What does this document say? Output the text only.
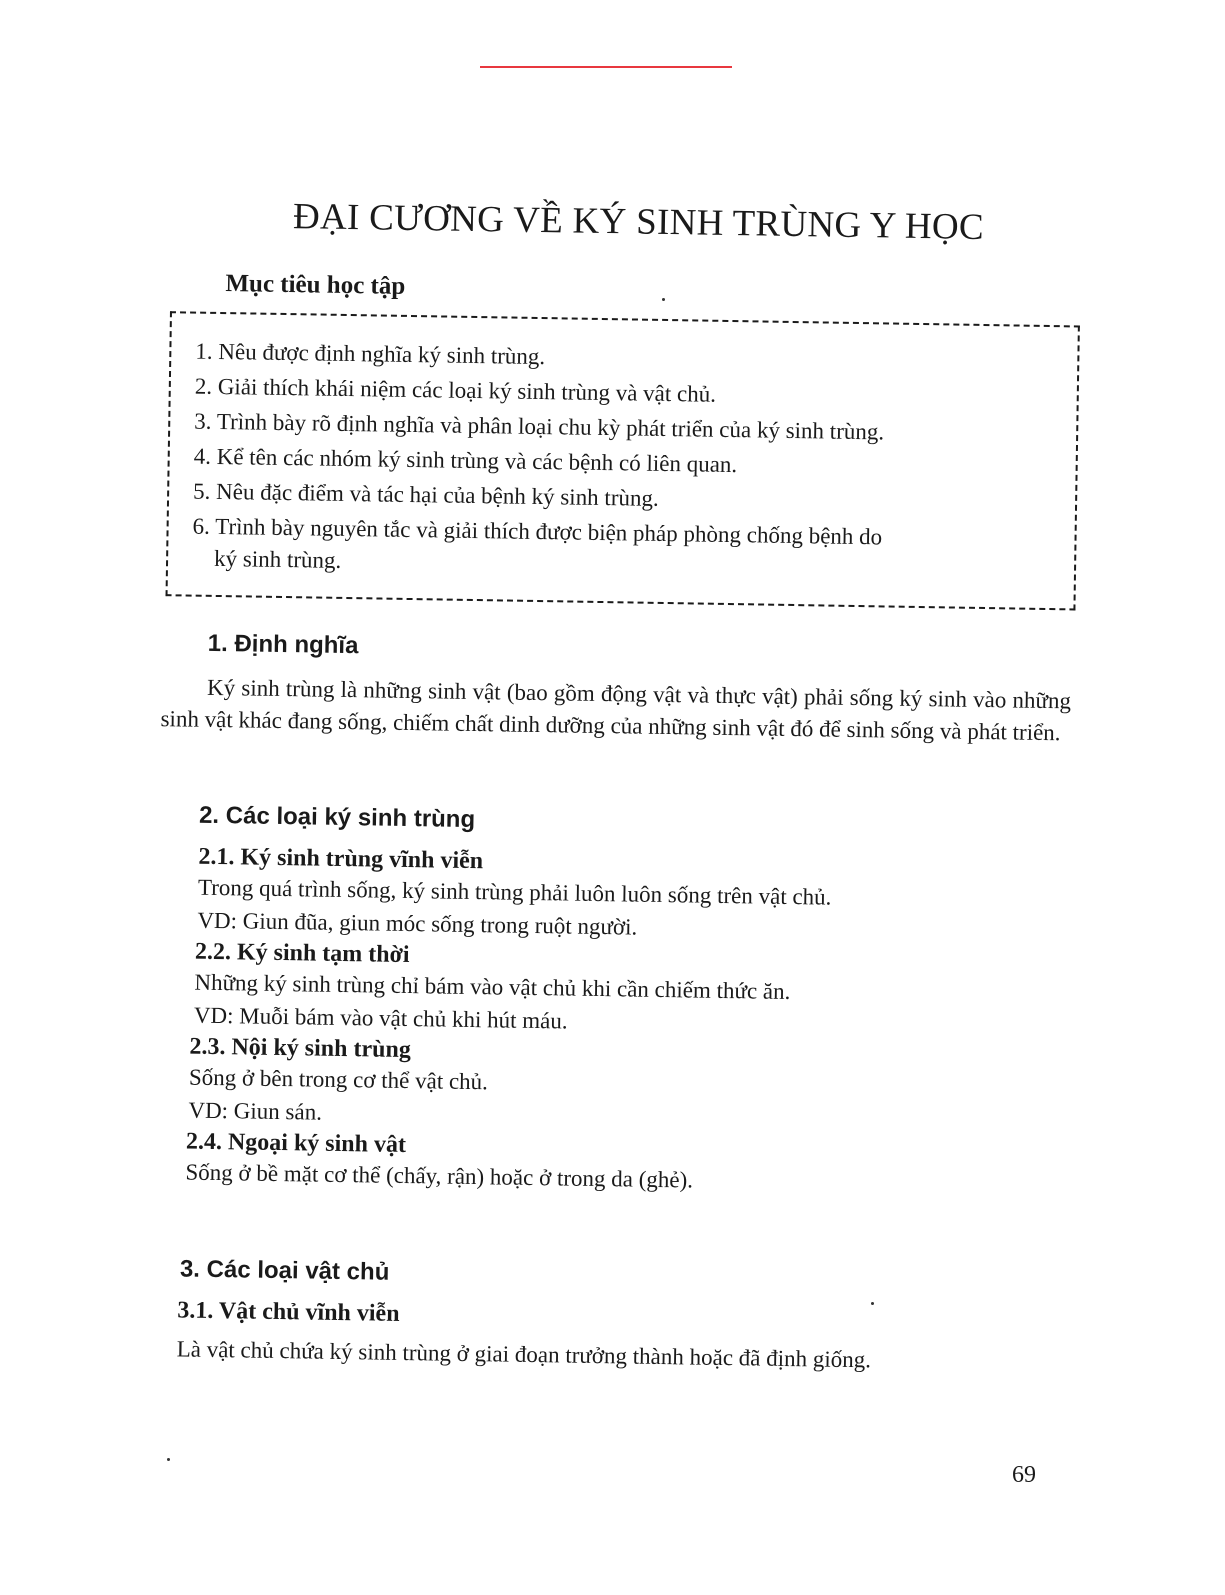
ĐẠI CƯƠNG VỀ KÝ SINH TRÙNG Y HỌC
Mục tiêu học tập
1. Nêu được định nghĩa ký sinh trùng.
2. Giải thích khái niệm các loại ký sinh trùng và vật chủ.
3. Trình bày rõ định nghĩa và phân loại chu kỳ phát triển của ký sinh trùng.
4. Kể tên các nhóm ký sinh trùng và các bệnh có liên quan.
5. Nêu đặc điểm và tác hại của bệnh ký sinh trùng.
6. Trình bày nguyên tắc và giải thích được biện pháp phòng chống bệnh do
ký sinh trùng.
1. Định nghĩa

Ký sinh trùng là những sinh vật (bao gồm động vật và thực vật) phải sống ký sinh vào những sinh vật khác đang sống, chiếm chất dinh dưỡng của những sinh vật đó để sinh sống và phát triển.

2. Các loại ký sinh trùng
2.1. Ký sinh trùng vĩnh viễn

Trong quá trình sống, ký sinh trùng phải luôn luôn sống trên vật chủ.

VD: Giun đũa, giun móc sống trong ruột người.

2.2. Ký sinh tạm thời

Những ký sinh trùng chỉ bám vào vật chủ khi cần chiếm thức ăn.

VD: Muỗi bám vào vật chủ khi hút máu.

2.3. Nội ký sinh trùng

Sống ở bên trong cơ thể vật chủ.

VD: Giun sán.

2.4. Ngoại ký sinh vật

Sống ở bề mặt cơ thể (chấy, rận) hoặc ở trong da (ghẻ).

3. Các loại vật chủ
3.1. Vật chủ vĩnh viễn

Là vật chủ chứa ký sinh trùng ở giai đoạn trưởng thành hoặc đã định giống.

69
